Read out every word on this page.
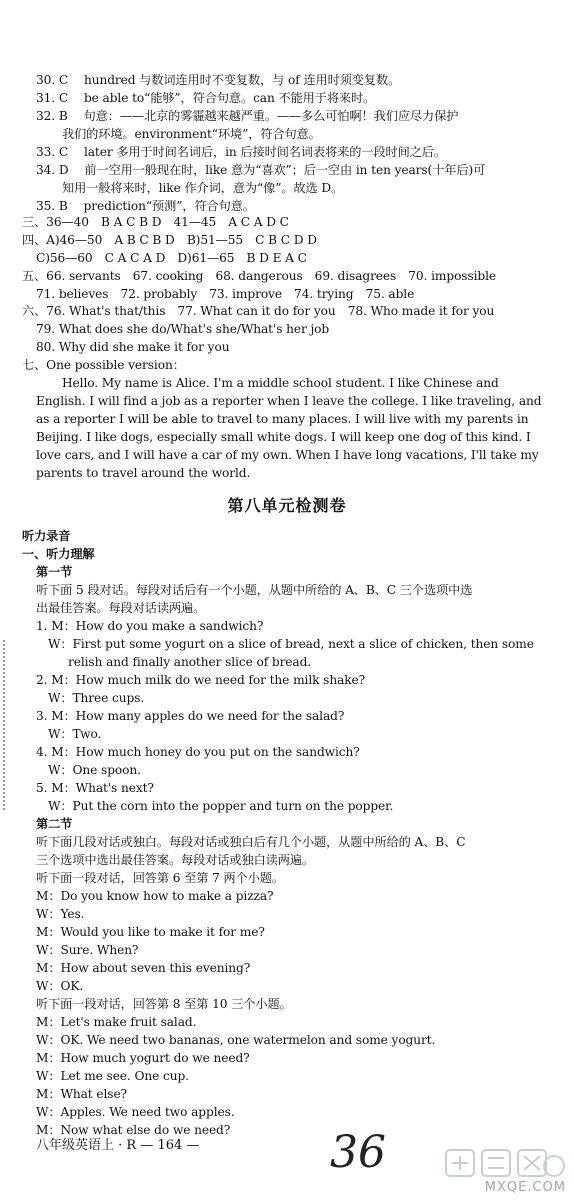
30. C　 hundred 与数词连用时不变复数，与 of 连用时须变复数。
31. C　 be able to“能够”，符合句意。can 不能用于将来时。
32. B　 句意：——北京的雾霾越来越严重。——多么可怕啊！我们应尽力保护
我们的环境。environment“环境”，符合句意。
33. C　 later 多用于时间名词后，in 后接时间名词表将来的一段时间之后。
34. D　 前一空用一般现在时，like 意为“喜欢”；后一空由 in ten years(十年后)可
知用一般将来时，like 作介词，意为“像”。故选 D。
35. B　 prediction“预测”，符合句意。
三、36—40　B A C B D　41—45　A C A D C
四、A)46—50　A B C B D　B)51—55　C B C D D
C)56—60　C A C A D　D)61—65　B D E A C
五、66. servants　67. cooking　68. dangerous　69. disagrees　70. impossible
71. believes　72. probably　73. improve　74. trying　75. able
六、76. What's that/this　77. What can it do for you　78. Who made it for you
79. What does she do/What's she/What's her job
80. Why did she make it for you
七、One possible version：
Hello. My name is Alice. I'm a middle school student. I like Chinese and
English. I will find a job as a reporter when I leave the college. I like traveling, and
as a reporter I will be able to travel to many places. I will live with my parents in
Beijing. I like dogs, especially small white dogs. I will keep one dog of this kind. I
love cars, and I will have a car of my own. When I have long vacations, I'll take my
parents to travel around the world.
听力录音
一、听力理解
第一节
听下面 5 段对话。每段对话后有一个小题，从题中所给的 A、B、C 三个选项中选
出最佳答案。每段对话读两遍。
1. M：How do you make a sandwich?
W：First put some yogurt on a slice of bread, next a slice of chicken, then some
relish and finally another slice of bread.
2. M：How much milk do we need for the milk shake?
W：Three cups.
3. M：How many apples do we need for the salad?
W：Two.
4. M：How much honey do you put on the sandwich?
W：One spoon.
5. M：What's next?
W：Put the corn into the popper and turn on the popper.
第二节
听下面几段对话或独白。每段对话或独白后有几个小题，从题中所给的 A、B、C
三个选项中选出最佳答案。每段对话或独白读两遍。
听下面一段对话，回答第 6 至第 7 两个小题。
M：Do you know how to make a pizza?
W：Yes.
M：Would you like to make it for me?
W：Sure. When?
M：How about seven this evening?
W：OK.
听下面一段对话，回答第 8 至第 10 三个小题。
M：Let's make fruit salad.
W：OK. We need two bananas, one watermelon and some yogurt.
M：How much yogurt do we need?
W：Let me see. One cup.
M：What else?
W：Apples. We need two apples.
M：Now what else do we need?
第八单元检测卷
八年级英语上 · R — 164 —	36
MXQE.COM
